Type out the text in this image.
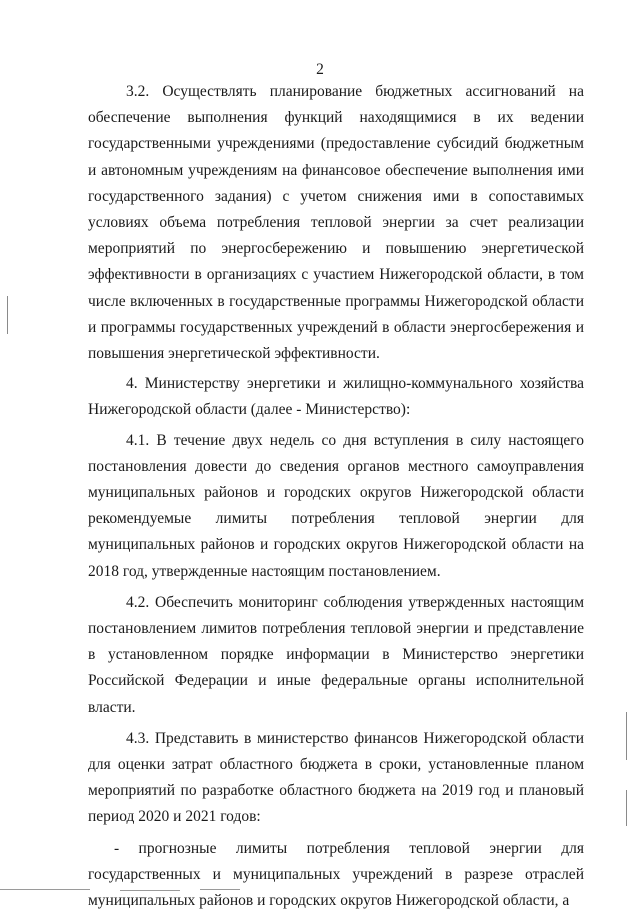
2

3.2. Осуществлять планирование бюджетных ассигнований на обеспечение выполнения функций находящимися в их ведении государственными учреждениями (предоставление субсидий бюджетным и автономным учреждениям на финансовое обеспечение выполнения ими государственного задания) с учетом снижения ими в сопоставимых условиях объема потребления тепловой энергии за счет реализации мероприятий по энергосбережению и повышению энергетической эффективности в организациях с участием Нижегородской области, в том числе включенных в государственные программы Нижегородской области и программы государственных учреждений в области энергосбережения и повышения энергетической эффективности.

4. Министерству энергетики и жилищно-коммунального хозяйства Нижегородской области (далее - Министерство):

4.1. В течение двух недель со дня вступления в силу настоящего постановления довести до сведения органов местного самоуправления муниципальных районов и городских округов Нижегородской области рекомендуемые лимиты потребления тепловой энергии для муниципальных районов и городских округов Нижегородской области на 2018 год, утвержденные настоящим постановлением.

4.2. Обеспечить мониторинг соблюдения утвержденных настоящим постановлением лимитов потребления тепловой энергии и представление в установленном порядке информации в Министерство энергетики Российской Федерации и иные федеральные органы исполнительной власти.

4.3. Представить в министерство финансов Нижегородской области для оценки затрат областного бюджета в сроки, установленные планом мероприятий по разработке областного бюджета на 2019 год и плановый период 2020 и 2021 годов:

- прогнозные лимиты потребления тепловой энергии для государственных и муниципальных учреждений в разрезе отраслей муниципальных районов и городских округов Нижегородской области, а
